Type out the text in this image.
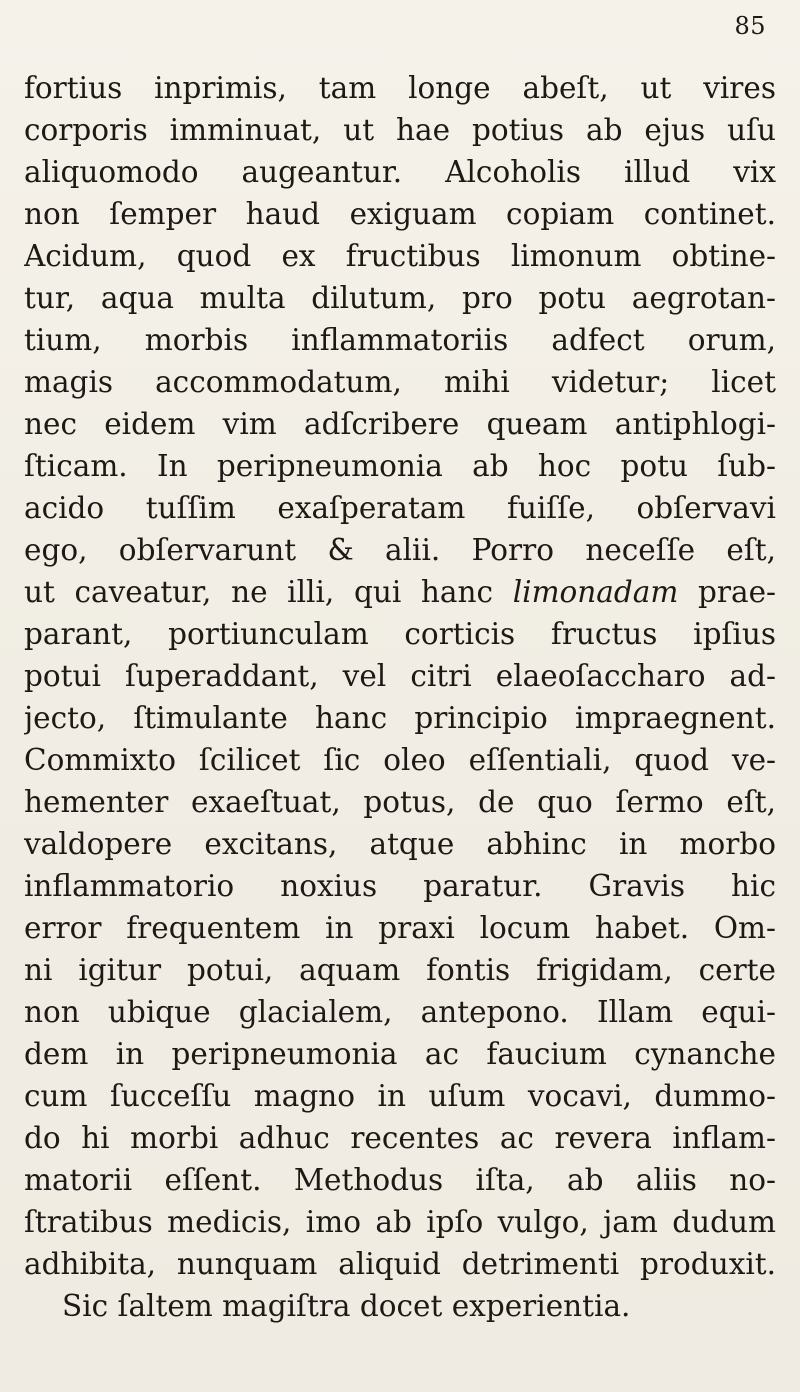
85
fortius inprimis, tam longe abeſt, ut vires
corporis imminuat, ut hae potius ab ejus uſu
aliquomodo augeantur. Alcoholis illud vix
non ſemper haud exiguam copiam continet.
Acidum, quod ex fructibus limonum obtine-
tur, aqua multa dilutum, pro potu aegrotan-
tium, morbis inflammatoriis adfect orum,
magis accommodatum, mihi videtur; licet
nec eidem vim adſcribere queam antiphlogi-
ſticam. In peripneumonia ab hoc potu ſub-
acido tuſſim exaſperatam fuiſſe, obſervavi
ego, obſervarunt & alii. Porro neceſſe eſt,
ut caveatur, ne illi, qui hanc limonadam prae-
parant, portiunculam corticis fructus ipſius
potui ſuperaddant, vel citri elaeoſaccharo ad-
jecto, ſtimulante hanc principio impraegnent.
Commixto ſcilicet ſic oleo eſſentiali, quod ve-
hementer exaeſtuat, potus, de quo ſermo eſt,
valdopere excitans, atque abhinc in morbo
inflammatorio noxius paratur. Gravis hic
error frequentem in praxi locum habet. Om-
ni igitur potui, aquam fontis frigidam, certe
non ubique glacialem, antepono. Illam equi-
dem in peripneumonia ac faucium cynanche
cum ſucceſſu magno in uſum vocavi, dummo-
do hi morbi adhuc recentes ac revera inflam-
matorii eſſent. Methodus iſta, ab aliis no-
ſtratibus medicis, imo ab ipſo vulgo, jam dudum
adhibita, nunquam aliquid detrimenti produxit.
Sic ſaltem magiſtra docet experientia.
